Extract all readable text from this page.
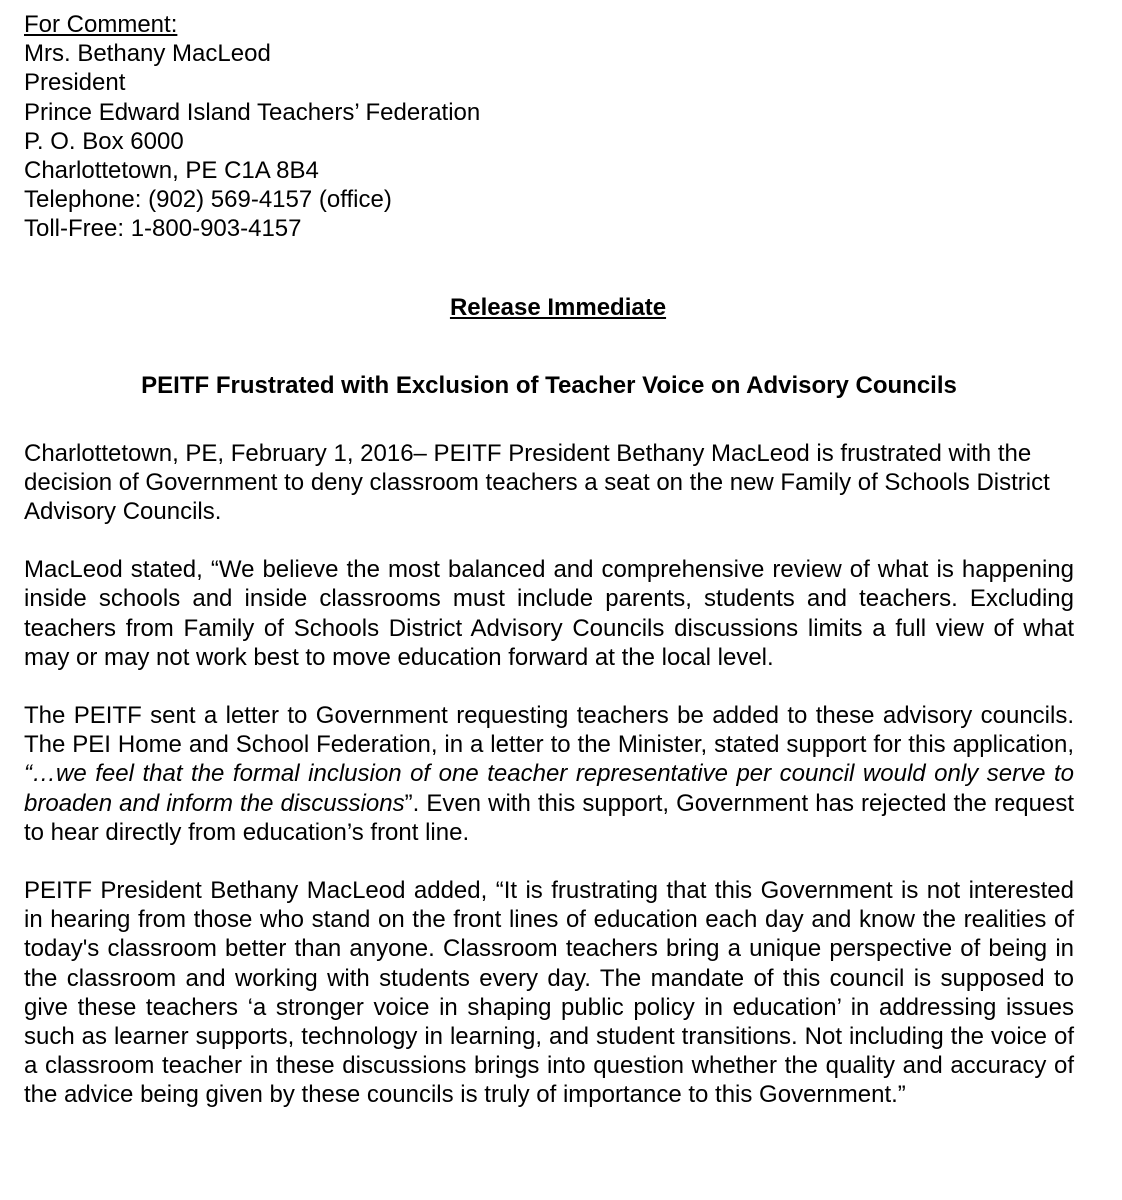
For Comment:
Mrs. Bethany MacLeod
President
Prince Edward Island Teachers’ Federation
P. O. Box 6000
Charlottetown, PE C1A 8B4
Telephone: (902) 569-4157 (office)
Toll-Free: 1-800-903-4157
Release Immediate
PEITF Frustrated with Exclusion of Teacher Voice on Advisory Councils

Charlottetown, PE, February 1, 2016– PEITF President Bethany MacLeod is frustrated with the decision of Government to deny classroom teachers a seat on the new Family of Schools District Advisory Councils.

MacLeod stated, “We believe the most balanced and comprehensive review of what is happening inside schools and inside classrooms must include parents, students and teachers. Excluding teachers from Family of Schools District Advisory Councils discussions limits a full view of what may or may not work best to move education forward at the local level.

The PEITF sent a letter to Government requesting teachers be added to these advisory councils. The PEI Home and School Federation, in a letter to the Minister, stated support for this application, “…we feel that the formal inclusion of one teacher representative per council would only serve to broaden and inform the discussions”. Even with this support, Government has rejected the request to hear directly from education’s front line.

PEITF President Bethany MacLeod added, “It is frustrating that this Government is not interested in hearing from those who stand on the front lines of education each day and know the realities of today's classroom better than anyone. Classroom teachers bring a unique perspective of being in the classroom and working with students every day. The mandate of this council is supposed to give these teachers ‘a stronger voice in shaping public policy in education’ in addressing issues such as learner supports, technology in learning, and student transitions. Not including the voice of a classroom teacher in these discussions brings into question whether the quality and accuracy of the advice being given by these councils is truly of importance to this Government.”
